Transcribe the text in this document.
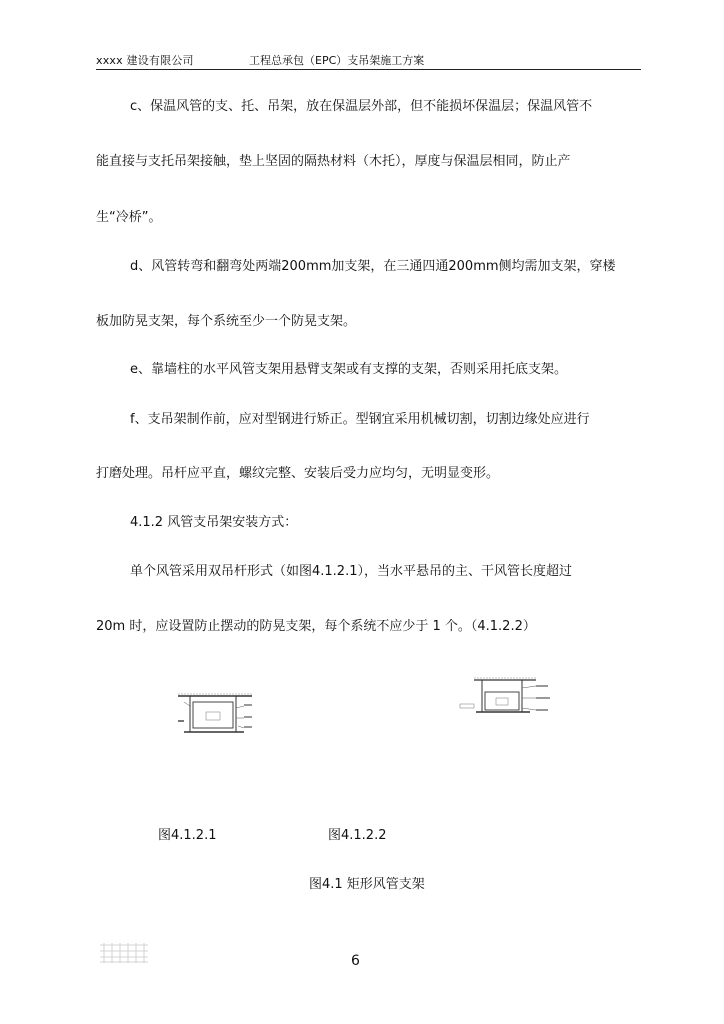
xxxx 建设有限公司	工程总承包（EPC）支吊架施工方案
c、保温风管的支、托、吊架，放在保温层外部，但不能损坏保温层；保温风管不
能直接与支托吊架接触，垫上坚固的隔热材料（木托），厚度与保温层相同，防止产
生“冷桥”。
d、风管转弯和翻弯处两端200mm加支架，在三通四通200mm侧均需加支架，穿楼
板加防晃支架，每个系统至少一个防晃支架。
e、靠墙柱的水平风管支架用悬臂支架或有支撑的支架，否则采用托底支架。
f、支吊架制作前，应对型钢进行矫正。型钢宜采用机械切割，切割边缘处应进行
打磨处理。吊杆应平直，螺纹完整、安装后受力应均匀，无明显变形。
4.1.2 风管支吊架安装方式：
单个风管采用双吊杆形式（如图4.1.2.1），当水平悬吊的主、干风管长度超过
20m 时，应设置防止摆动的防晃支架，每个系统不应少于 1 个。（4.1.2.2）
图4.1.2.1	图4.1.2.2
图4.1 矩形风管支架
6
